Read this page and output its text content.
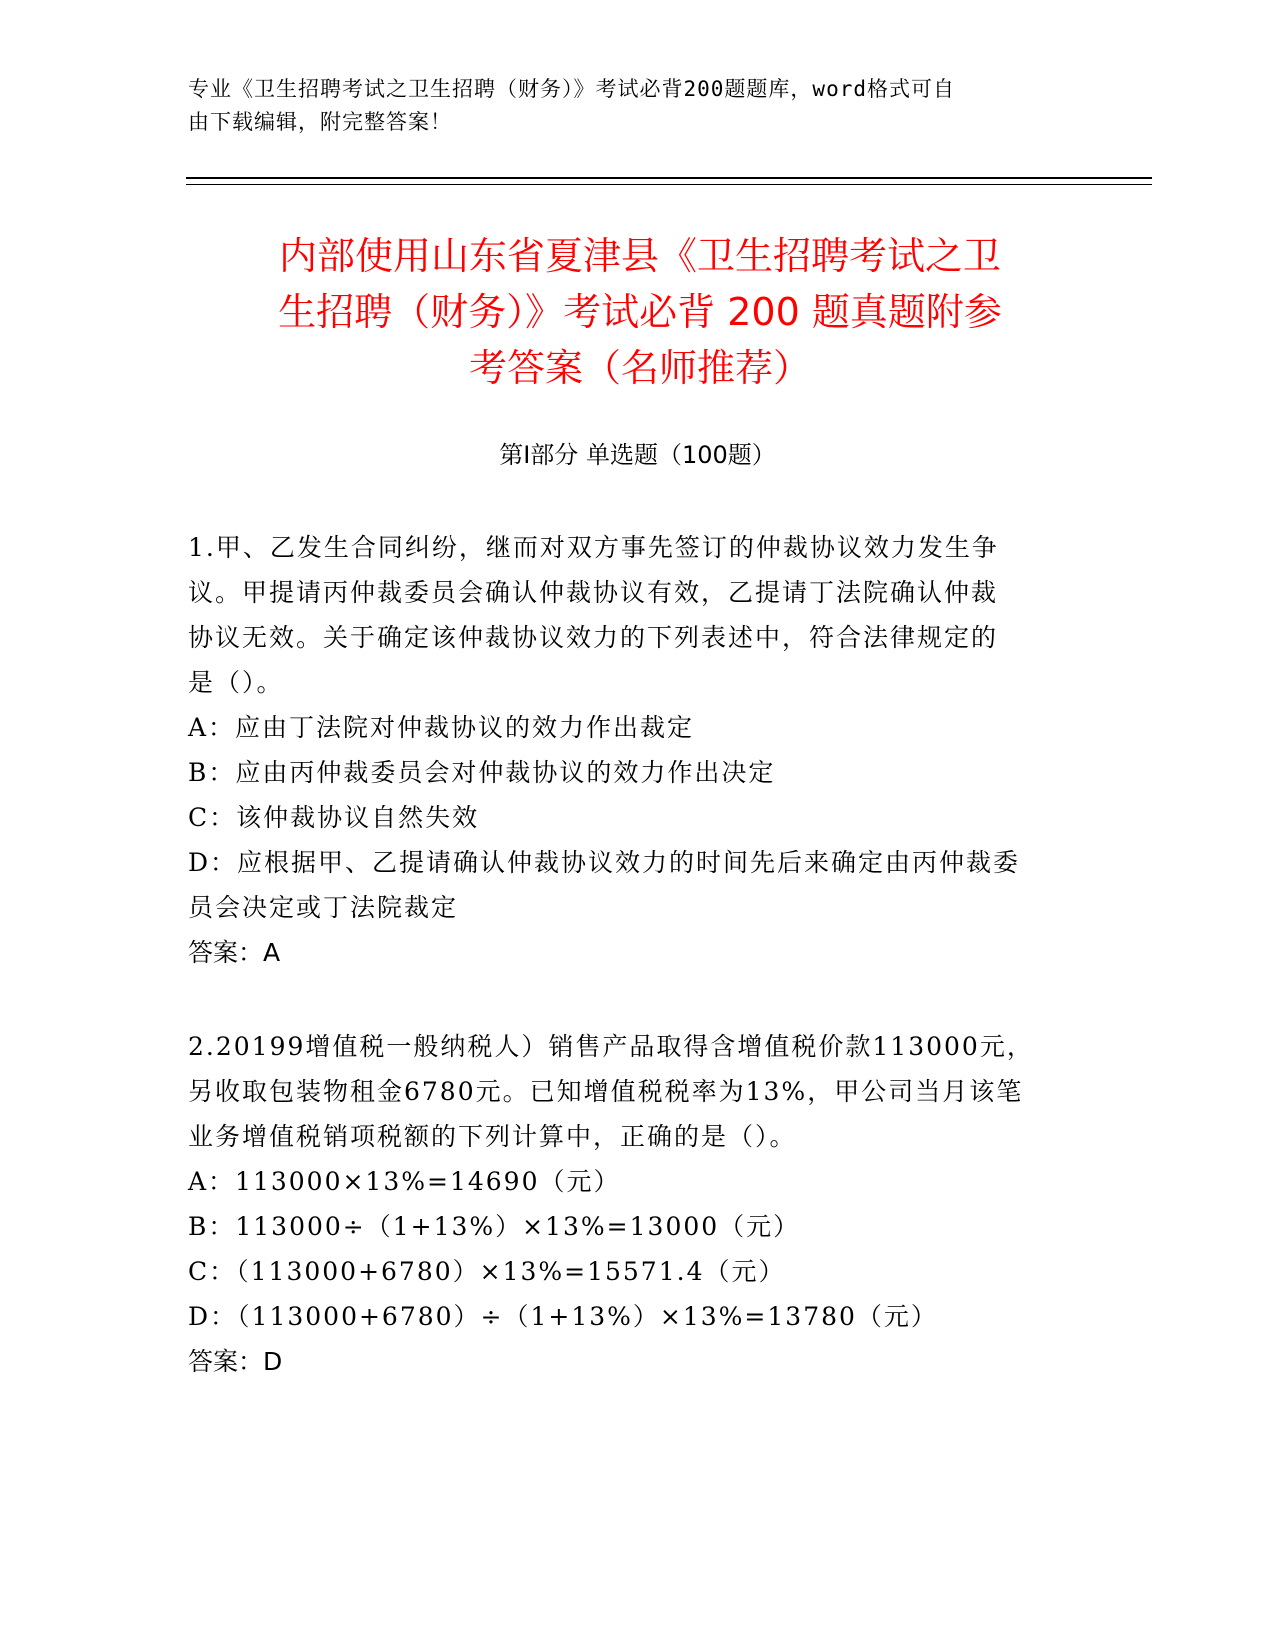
专业《卫生招聘考试之卫生招聘（财务）》考试必背200题题库，word格式可自
由下载编辑，附完整答案！
内部使用山东省夏津县《卫生招聘考试之卫
生招聘（财务）》考试必背 200 题真题附参
考答案（名师推荐）
第Ⅰ部分 单选题（100题）
1.甲、乙发生合同纠纷，继而对双方事先签订的仲裁协议效力发生争
议。甲提请丙仲裁委员会确认仲裁协议有效，乙提请丁法院确认仲裁
协议无效。关于确定该仲裁协议效力的下列表述中，符合法律规定的
是（）。
A：应由丁法院对仲裁协议的效力作出裁定
B：应由丙仲裁委员会对仲裁协议的效力作出决定
C：该仲裁协议自然失效
D：应根据甲、乙提请确认仲裁协议效力的时间先后来确定由丙仲裁委
员会决定或丁法院裁定
答案：A
2.20199增值税一般纳税人）销售产品取得含增值税价款113000元，
另收取包装物租金6780元。已知增值税税率为13%，甲公司当月该笔
业务增值税销项税额的下列计算中，正确的是（）。
A：113000×13%=14690（元）
B：113000÷（1+13%）×13%=13000（元）
C：（113000+6780）×13%=15571.4（元）
D：（113000+6780）÷（1+13%）×13%=13780（元）
答案：D
